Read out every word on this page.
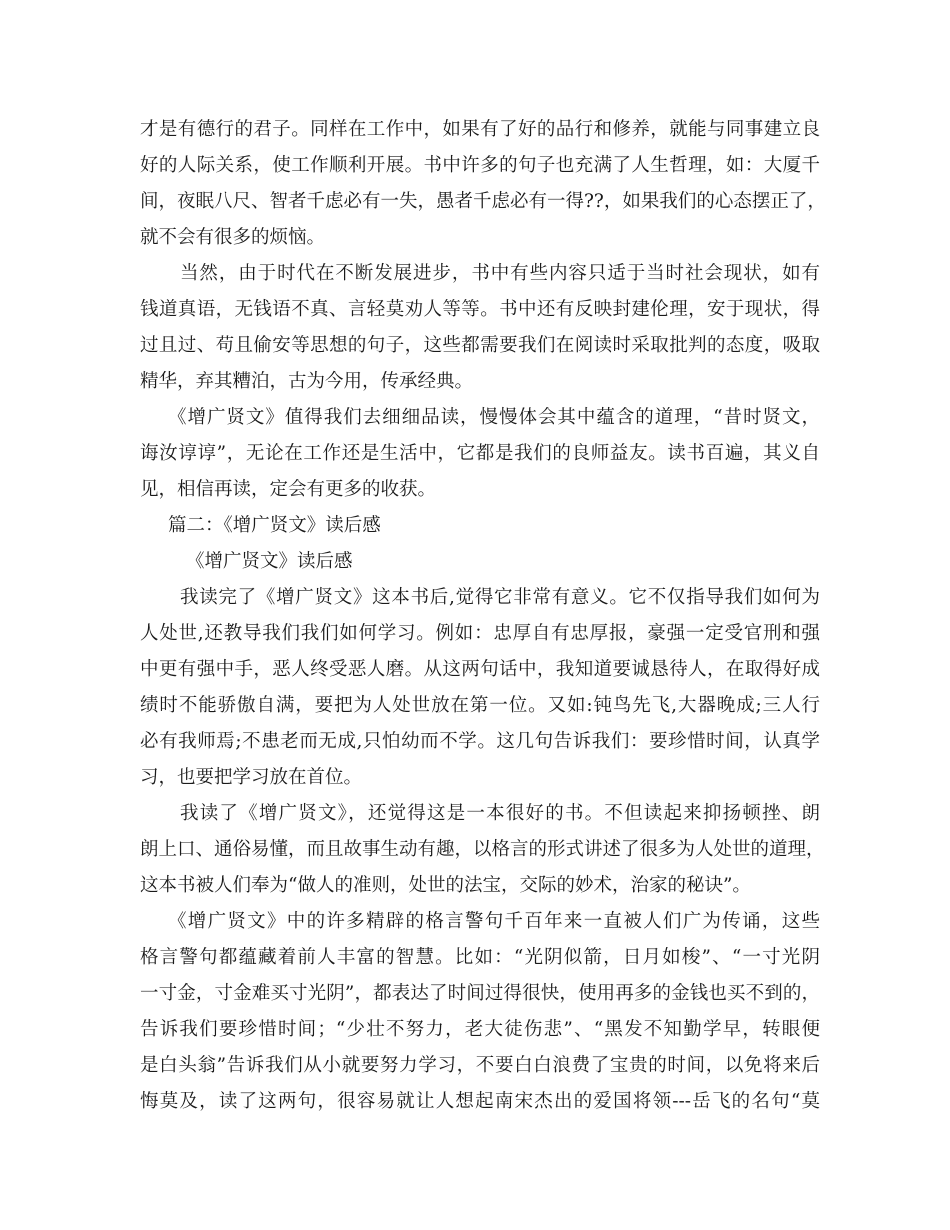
才是有德行的君子。同样在工作中，如果有了好的品行和修养，就能与同事建立良
好的人际关系，使工作顺利开展。书中许多的句子也充满了人生哲理，如：大厦千
间，夜眠八尺、智者千虑必有一失，愚者千虑必有一得??，如果我们的心态摆正了，
就不会有很多的烦恼。
当然，由于时代在不断发展进步，书中有些内容只适于当时社会现状，如有
钱道真语，无钱语不真、言轻莫劝人等等。书中还有反映封建伦理，安于现状，得
过且过、苟且偷安等思想的句子，这些都需要我们在阅读时采取批判的态度，吸取
精华，弃其糟泊，古为今用，传承经典。
《增广贤文》值得我们去细细品读，慢慢体会其中蕴含的道理，“昔时贤文，
诲汝谆谆”，无论在工作还是生活中，它都是我们的良师益友。读书百遍，其义自
见，相信再读，定会有更多的收获。
篇二：《增广贤文》读后感
《增广贤文》读后感
我读完了《增广贤文》这本书后,觉得它非常有意义。它不仅指导我们如何为
人处世,还教导我们我们如何学习。例如：忠厚自有忠厚报，豪强一定受官刑和强
中更有强中手，恶人终受恶人磨。从这两句话中，我知道要诚恳待人，在取得好成
绩时不能骄傲自满，要把为人处世放在第一位。又如:钝鸟先飞,大器晚成;三人行
必有我师焉;不患老而无成,只怕幼而不学。这几句告诉我们：要珍惜时间，认真学
习，也要把学习放在首位。
我读了《增广贤文》，还觉得这是一本很好的书。不但读起来抑扬顿挫、朗
朗上口、通俗易懂，而且故事生动有趣，以格言的形式讲述了很多为人处世的道理，
这本书被人们奉为“做人的准则，处世的法宝，交际的妙术，治家的秘诀”。
《增广贤文》中的许多精辟的格言警句千百年来一直被人们广为传诵，这些
格言警句都蕴藏着前人丰富的智慧。比如：“光阴似箭，日月如梭”、“一寸光阴
一寸金，寸金难买寸光阴”，都表达了时间过得很快，使用再多的金钱也买不到的，
告诉我们要珍惜时间；“少壮不努力，老大徒伤悲”、“黑发不知勤学早，转眼便
是白头翁”告诉我们从小就要努力学习，不要白白浪费了宝贵的时间，以免将来后
悔莫及，读了这两句，很容易就让人想起南宋杰出的爱国将领---岳飞的名句“莫
